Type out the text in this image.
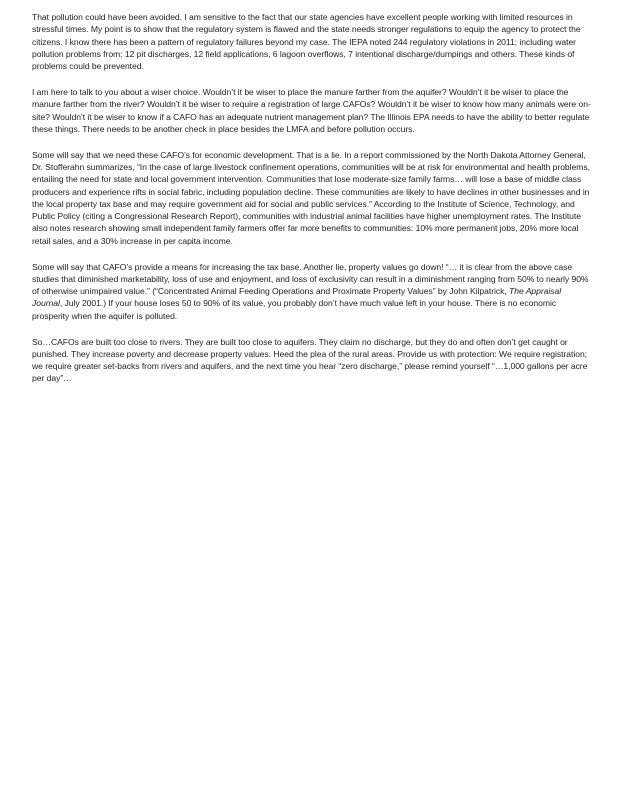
That pollution could have been avoided. I am sensitive to the fact that our state agencies have excellent people working with limited resources in stressful times. My point is to show that the regulatory system is flawed and the state needs stronger regulations to equip the agency to protect the citizens. I know there has been a pattern of regulatory failures beyond my case. The IEPA noted 244 regulatory violations in 2011; including water pollution problems from: 12 pit discharges, 12 field applications, 6 lagoon overflows, 7 intentional discharge/dumpings and others. These kinds of problems could be prevented.

I am here to talk to you about a wiser choice. Wouldn’t it be wiser to place the manure farther from the aquifer? Wouldn’t it be wiser to place the manure farther from the river? Wouldn’t it be wiser to require a registration of large CAFOs? Wouldn’t it be wiser to know how many animals were on-site? Wouldn’t it be wiser to know if a CAFO has an adequate nutrient management plan? The Illinois EPA needs to have the ability to better regulate these things. There needs to be another check in place besides the LMFA and before pollution occurs.

Some will say that we need these CAFO’s for economic development. That is a lie. In a report commissioned by the North Dakota Attorney General, Dr. Stofferahn summarizes, “In the case of large livestock confinement operations, communities will be at risk for environmental and health problems, entailing the need for state and local government intervention. Communities that lose moderate-size family farms… will lose a base of middle class producers and experience rifts in social fabric, including population decline. These communities are likely to have declines in other businesses and in the local property tax base and may require government aid for social and public services.” According to the Institute of Science, Technology, and Public Policy (citing a Congressional Research Report), communities with industrial animal facilities have higher unemployment rates. The Institute also notes research showing small independent family farmers offer far more benefits to communities: 10% more permanent jobs, 20% more local retail sales, and a 30% increase in per capita income.

Some will say that CAFO’s provide a means for increasing the tax base. Another lie, property values go down! “… it is clear from the above case studies that diminished marketability, loss of use and enjoyment, and loss of exclusivity can result in a diminishment ranging from 50% to nearly 90% of otherwise unimpaired value.” (“Concentrated Animal Feeding Operations and Proximate Property Values” by John Kilpatrick, The Appraisal Journal, July 2001.) If your house loses 50 to 90% of its value, you probably don’t have much value left in your house. There is no economic prosperity when the aquifer is polluted.

So…CAFOs are built too close to rivers. They are built too close to aquifers. They claim no discharge, but they do and often don’t get caught or punished. They increase poverty and decrease property values. Heed the plea of the rural areas. Provide us with protection: We require registration; we require greater set-backs from rivers and aquifers, and the next time you hear “zero discharge,” please remind yourself “…1,000 gallons per acre per day”…
